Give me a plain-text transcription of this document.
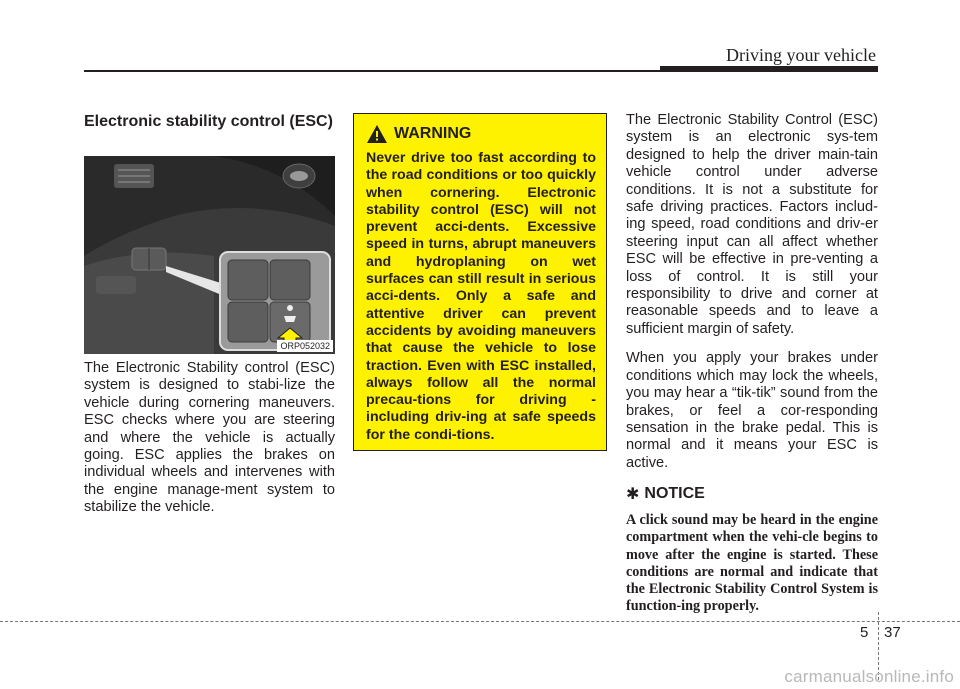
Driving your vehicle
Electronic stability control (ESC)
ORP052032

The Electronic Stability control (ESC) system is designed to stabi-lize the vehicle during cornering maneuvers. ESC checks where you are steering and where the vehicle is actually going. ESC applies the brakes on individual wheels and intervenes with the engine manage-ment system to stabilize the vehicle.

WARNING
Never drive too fast according to the road conditions or too quickly when cornering. Electronic stability control (ESC) will not prevent acci-dents. Excessive speed in turns, abrupt maneuvers and hydroplaning on wet surfaces can still result in serious acci-dents. Only a safe and attentive driver can prevent accidents by avoiding maneuvers that cause the vehicle to lose traction. Even with ESC installed, always follow all the normal precau-tions for driving - including driv-ing at safe speeds for the condi-tions.

The Electronic Stability Control (ESC) system is an electronic sys-tem designed to help the driver main-tain vehicle control under adverse conditions. It is not a substitute for safe driving practices. Factors includ-ing speed, road conditions and driv-er steering input can all affect whether ESC will be effective in pre-venting a loss of control. It is still your responsibility to drive and corner at reasonable speeds and to leave a sufficient margin of safety.

When you apply your brakes under conditions which may lock the wheels, you may hear a “tik-tik” sound from the brakes, or feel a cor-responding sensation in the brake pedal. This is normal and it means your ESC is active.

✱ NOTICE
A click sound may be heard in the engine compartment when the vehi-cle begins to move after the engine is started. These conditions are normal and indicate that the Electronic Stability Control System is function-ing properly.
5 37
carmanualsonline.info
